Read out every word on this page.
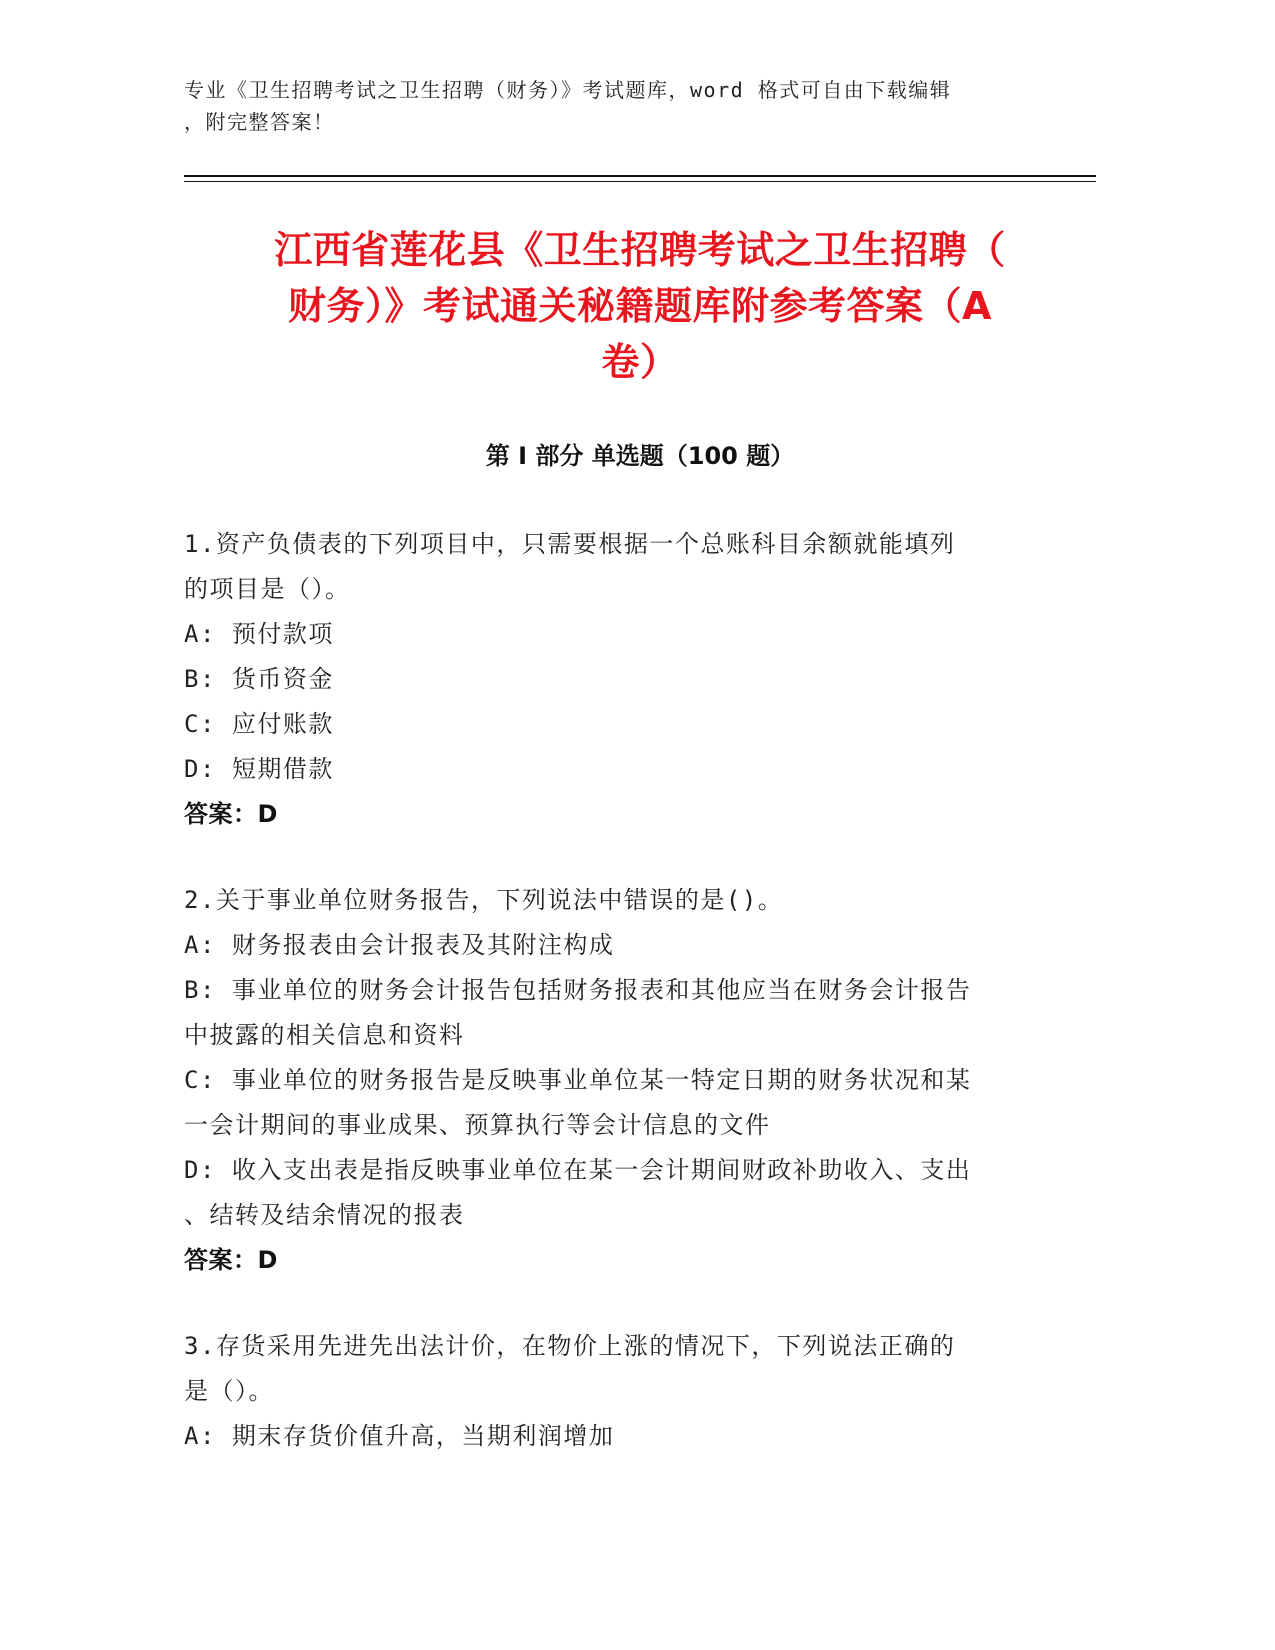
专业《卫生招聘考试之卫生招聘（财务）》考试题库，word 格式可自由下载编辑
，附完整答案！
江西省莲花县《卫生招聘考试之卫生招聘（
财务）》考试通关秘籍题库附参考答案（A
卷）
第 I 部分 单选题（100 题）
1.资产负债表的下列项目中，只需要根据一个总账科目余额就能填列
的项目是（）。
A: 预付款项
B: 货币资金
C: 应付账款
D: 短期借款
答案：D
2.关于事业单位财务报告，下列说法中错误的是()。
A: 财务报表由会计报表及其附注构成
B: 事业单位的财务会计报告包括财务报表和其他应当在财务会计报告
中披露的相关信息和资料
C: 事业单位的财务报告是反映事业单位某一特定日期的财务状况和某
一会计期间的事业成果、预算执行等会计信息的文件
D: 收入支出表是指反映事业单位在某一会计期间财政补助收入、支出
、结转及结余情况的报表
答案：D
3.存货采用先进先出法计价，在物价上涨的情况下，下列说法正确的
是（）。
A: 期末存货价值升高，当期利润增加
